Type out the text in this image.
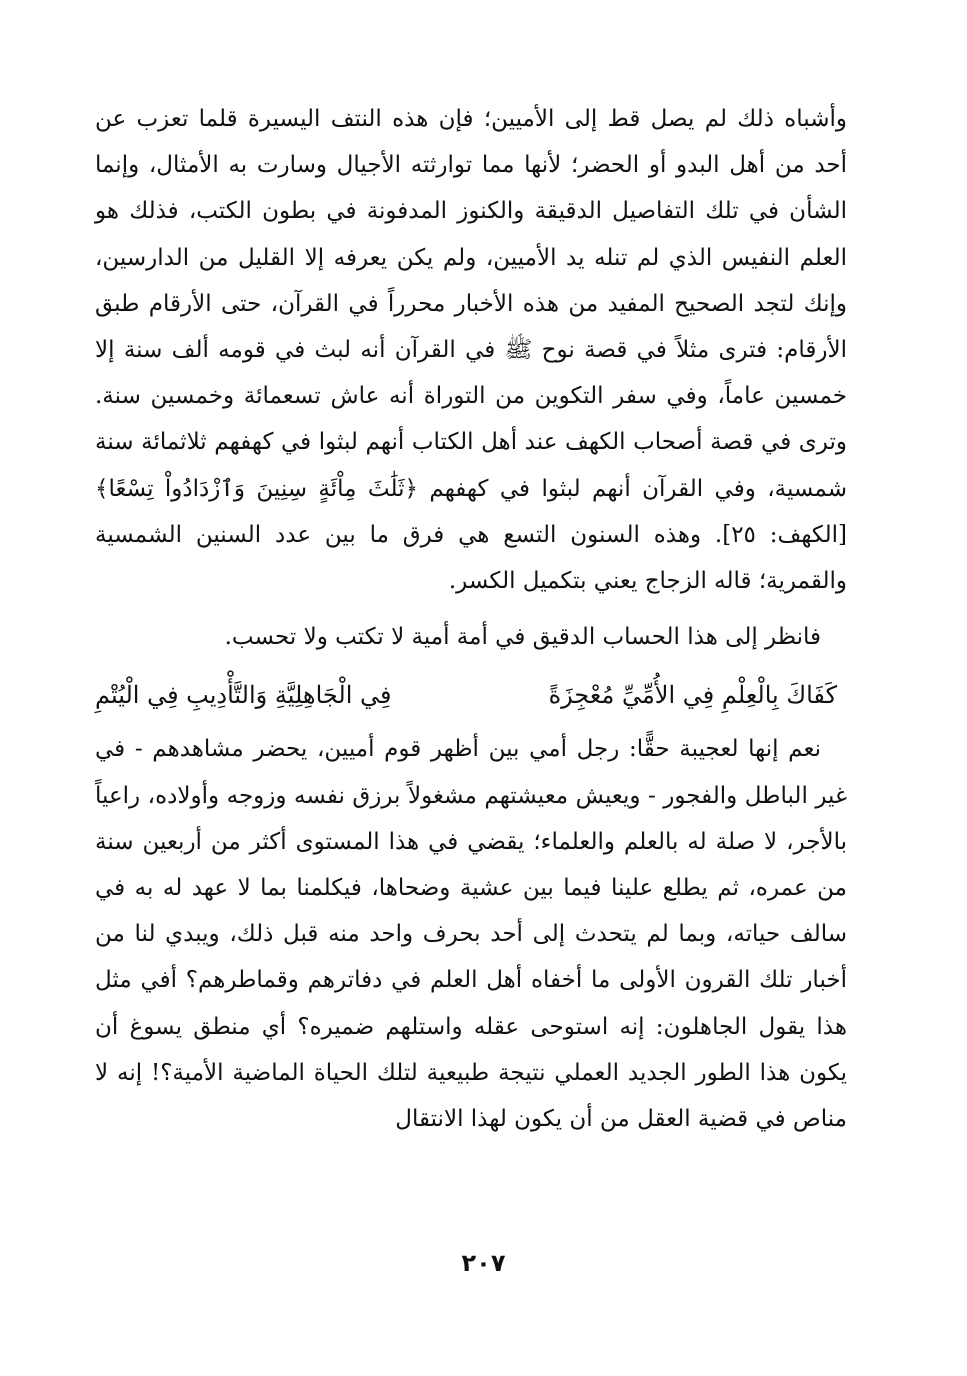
وأشباه ذلك لم يصل قط إلى الأميين؛ فإن هذه النتف اليسيرة قلما تعزب عن أحد من أهل البدو أو الحضر؛ لأنها مما توارثته الأجيال وسارت به الأمثال، وإنما الشأن في تلك التفاصيل الدقيقة والكنوز المدفونة في بطون الكتب، فذلك هو العلم النفيس الذي لم تنله يد الأميين، ولم يكن يعرفه إلا القليل من الدارسين، وإنك لتجد الصحيح المفيد من هذه الأخبار محرراً في القرآن، حتى الأرقام طبق الأرقام: فترى مثلاً في قصة نوح ﷺ في القرآن أنه لبث في قومه ألف سنة إلا خمسين عاماً، وفي سفر التكوين من التوراة أنه عاش تسعمائة وخمسين سنة. وترى في قصة أصحاب الكهف عند أهل الكتاب أنهم لبثوا في كهفهم ثلاثمائة سنة شمسية، وفي القرآن أنهم لبثوا في كهفهم ﴿ثَلَٰثَ مِاْئَةٍ سِنِينَ وَٱزْدَادُواْ تِسْعًا﴾ [الكهف: ٢٥]. وهذه السنون التسع هي فرق ما بين عدد السنين الشمسية والقمرية؛ قاله الزجاج يعني بتكميل الكسر.

فانظر إلى هذا الحساب الدقيق في أمة أمية لا تكتب ولا تحسب.

كَفَاكَ بِالْعِلْمِ فِي الأُمِّيِّ مُعْجِزَةً
فِي الْجَاهِلِيَّةِ وَالتَّأْدِيبِ فِي الْيُتْمِ

نعم إنها لعجيبة حقًّا: رجل أمي بين أظهر قوم أميين، يحضر مشاهدهم - في غير الباطل والفجور - ويعيش معيشتهم مشغولاً برزق نفسه وزوجه وأولاده، راعياً بالأجر، لا صلة له بالعلم والعلماء؛ يقضي في هذا المستوى أكثر من أربعين سنة من عمره، ثم يطلع علينا فيما بين عشية وضحاها، فيكلمنا بما لا عهد له به في سالف حياته، وبما لم يتحدث إلى أحد بحرف واحد منه قبل ذلك، ويبدي لنا من أخبار تلك القرون الأولى ما أخفاه أهل العلم في دفاترهم وقماطرهم؟ أفي مثل هذا يقول الجاهلون: إنه استوحى عقله واستلهم ضميره؟ أي منطق يسوغ أن يكون هذا الطور الجديد العملي نتيجة طبيعية لتلك الحياة الماضية الأمية؟! إنه لا مناص في قضية العقل من أن يكون لهذا الانتقال

٢٠٧
